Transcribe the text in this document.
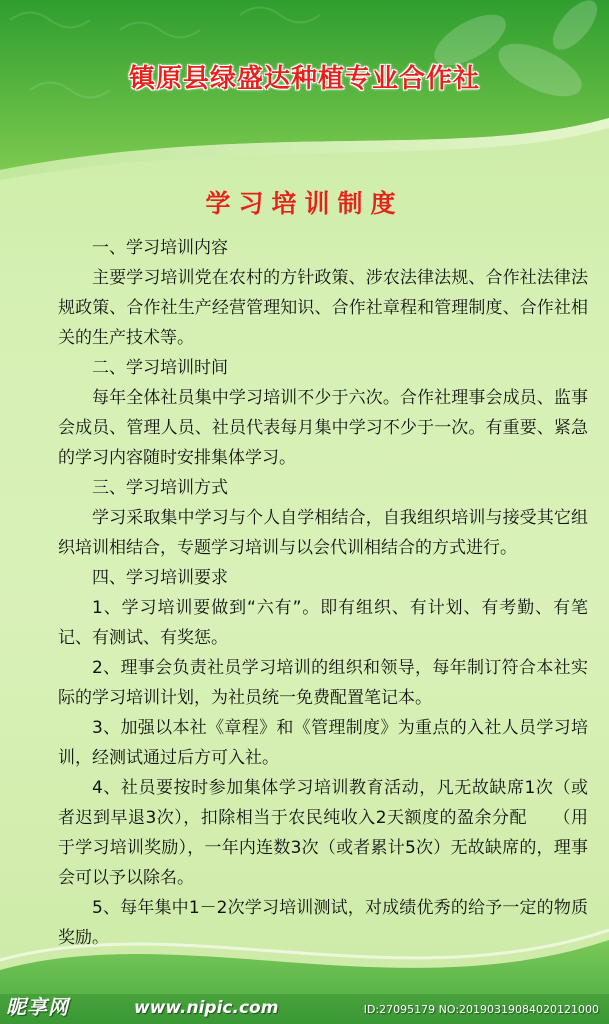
镇原县绿盛达种植专业合作社
学习培训制度

一、学习培训内容

主要学习培训党在农村的方针政策、涉农法律法规、合作社法律法规政策、合作社生产经营管理知识、合作社章程和管理制度、合作社相关的生产技术等。

二、学习培训时间

每年全体社员集中学习培训不少于六次。合作社理事会成员、监事会成员、管理人员、社员代表每月集中学习不少于一次。有重要、紧急的学习内容随时安排集体学习。

三、学习培训方式

学习采取集中学习与个人自学相结合，自我组织培训与接受其它组织培训相结合，专题学习培训与以会代训相结合的方式进行。

四、学习培训要求

1、学习培训要做到“六有”。即有组织、有计划、有考勤、有笔记、有测试、有奖惩。

2、理事会负责社员学习培训的组织和领导，每年制订符合本社实际的学习培训计划，为社员统一免费配置笔记本。

3、加强以本社《章程》和《管理制度》为重点的入社人员学习培训，经测试通过后方可入社。

4、社员要按时参加集体学习培训教育活动，凡无故缺席1次（或者迟到早退3次），扣除相当于农民纯收入2天额度的盈余分配　　（用于学习培训奖励），一年内连数3次（或者累计5次）无故缺席的，理事会可以予以除名。

5、每年集中1－2次学习培训测试，对成绩优秀的给予一定的物质奖励。

昵享网	www.nipic.com	ID:27095179 NO:20190319084020121000
